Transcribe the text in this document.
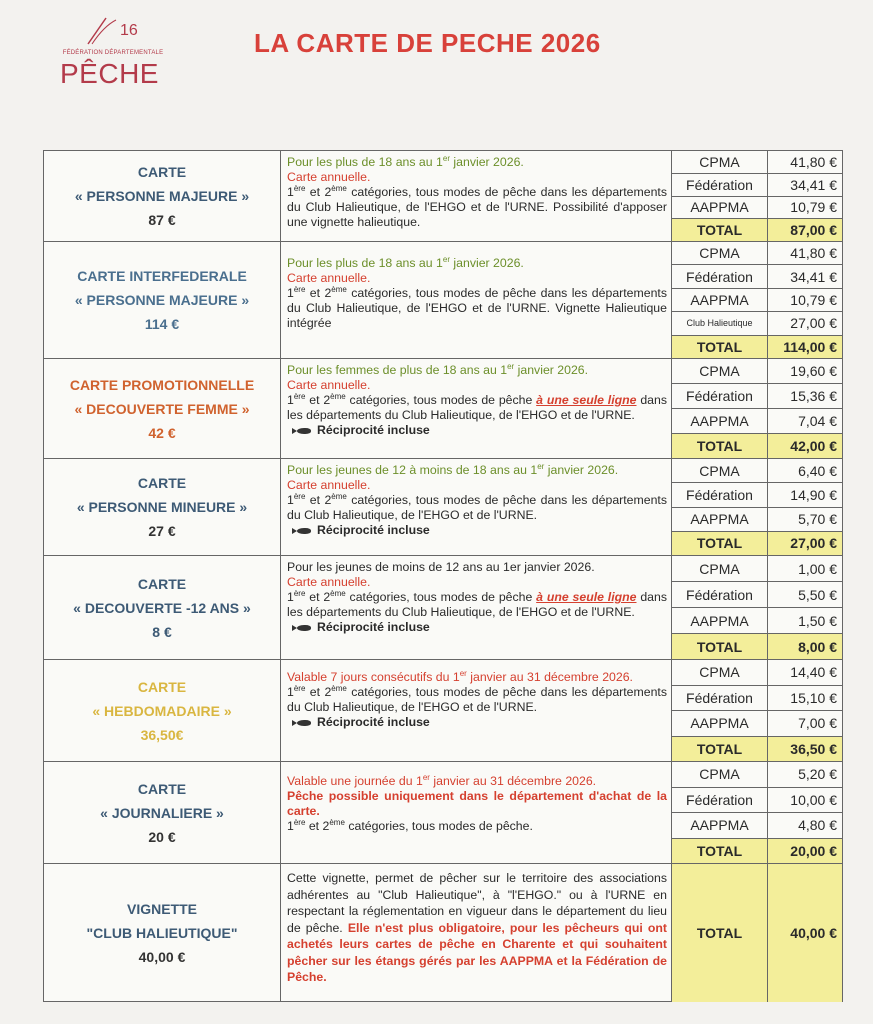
16
FÉDÉRATION DÉPARTEMENTALE
PÊCHE
LA CARTE DE PECHE 2026
CARTE
« PERSONNE MAJEURE »
87 €
Pour les plus de 18 ans au 1er janvier 2026.
Carte annuelle.
1ère et 2ème catégories, tous modes de pêche dans les départements du Club Halieutique, de l'EHGO et de l'URNE. Possibilité d'apposer une vignette halieutique.
CPMA	41,80 €
Fédération	34,41 €
AAPPMA	10,79 €
TOTAL	87,00 €
CARTE INTERFEDERALE
« PERSONNE MAJEURE »
114 €
Pour les plus de 18 ans au 1er janvier 2026.
Carte annuelle.
1ère et 2ème catégories, tous modes de pêche dans les départements du Club Halieutique, de l'EHGO et de l'URNE. Vignette Halieutique intégrée
CPMA	41,80 €
Fédération	34,41 €
AAPPMA	10,79 €
Club Halieutique	27,00 €
TOTAL	114,00 €
CARTE PROMOTIONNELLE
« DECOUVERTE FEMME »
42 €
Pour les femmes de plus de 18 ans au 1er janvier 2026.
Carte annuelle.
1ère et 2ème catégories, tous modes de pêche à une seule ligne dans les départements du Club Halieutique, de l'EHGO et de l'URNE.
Réciprocité incluse
CPMA	19,60 €
Fédération	15,36 €
AAPPMA	7,04 €
TOTAL	42,00 €
CARTE
« PERSONNE MINEURE »
27 €
Pour les jeunes de 12 à moins de 18 ans au 1er janvier 2026.
Carte annuelle.
1ère et 2ème catégories, tous modes de pêche dans les départements du Club Halieutique, de l'EHGO et de l'URNE.
Réciprocité incluse
CPMA	6,40 €
Fédération	14,90 €
AAPPMA	5,70 €
TOTAL	27,00 €
CARTE
« DECOUVERTE -12 ANS »
8 €
Pour les jeunes de moins de 12 ans au 1er janvier 2026.
Carte annuelle.
1ère et 2ème catégories, tous modes de pêche à une seule ligne dans les départements du Club Halieutique, de l'EHGO et de l'URNE.
Réciprocité incluse
CPMA	1,00 €
Fédération	5,50 €
AAPPMA	1,50 €
TOTAL	8,00 €
CARTE
« HEBDOMADAIRE »
36,50€
Valable 7 jours consécutifs du 1er janvier au 31 décembre 2026.
1ère et 2ème catégories, tous modes de pêche dans les départements du Club Halieutique, de l'EHGO et de l'URNE.
Réciprocité incluse
CPMA	14,40 €
Fédération	15,10 €
AAPPMA	7,00 €
TOTAL	36,50 €
CARTE
« JOURNALIERE »
20 €
Valable une journée du 1er janvier au 31 décembre 2026.
Pêche possible uniquement dans le département d'achat de la carte.
1ère et 2ème catégories, tous modes de pêche.
CPMA	5,20 €
Fédération	10,00 €
AAPPMA	4,80 €
TOTAL	20,00 €
VIGNETTE
"CLUB HALIEUTIQUE"
40,00 €
Cette vignette, permet de pêcher sur le territoire des associations adhérentes au "Club Halieutique", à "l'EHGO." ou à l'URNE en respectant la réglementation en vigueur dans le département du lieu de pêche. Elle n'est plus obligatoire, pour les pêcheurs qui ont achetés leurs cartes de pêche en Charente et qui souhaitent pêcher sur les étangs gérés par les AAPPMA et la Fédération de Pêche.
TOTAL	40,00 €
